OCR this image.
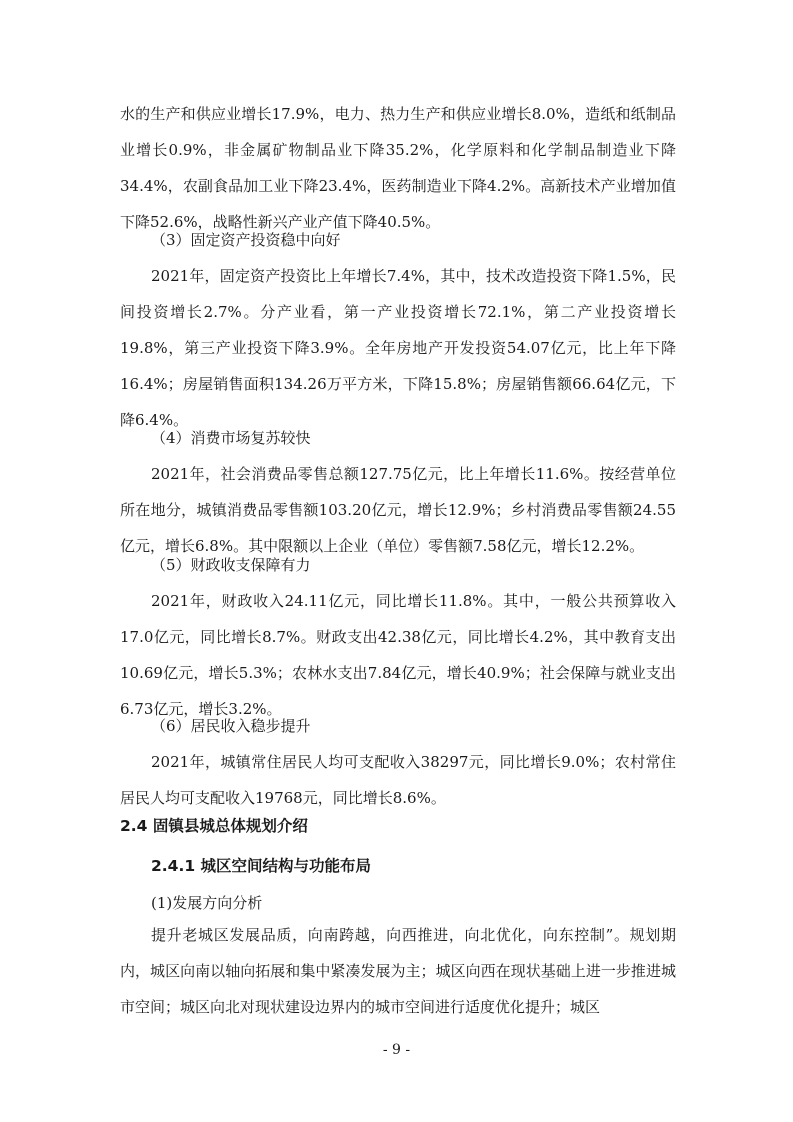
水的生产和供应业增长17.9%，电力、热力生产和供应业增长8.0%，造纸和纸制品业增长0.9%，非金属矿物制品业下降35.2%，化学原料和化学制品制造业下降34.4%，农副食品加工业下降23.4%，医药制造业下降4.2%。高新技术产业增加值下降52.6%，战略性新兴产业产值下降40.5%。

（3）固定资产投资稳中向好

2021年，固定资产投资比上年增长7.4%，其中，技术改造投资下降1.5%，民间投资增长2.7%。分产业看，第一产业投资增长72.1%，第二产业投资增长19.8%，第三产业投资下降3.9%。全年房地产开发投资54.07亿元，比上年下降16.4%；房屋销售面积134.26万平方米，下降15.8%；房屋销售额66.64亿元，下降6.4%。

（4）消费市场复苏较快

2021年，社会消费品零售总额127.75亿元，比上年增长11.6%。按经营单位所在地分，城镇消费品零售额103.20亿元，增长12.9%；乡村消费品零售额24.55亿元，增长6.8%。其中限额以上企业（单位）零售额7.58亿元，增长12.2%。

（5）财政收支保障有力

2021年，财政收入24.11亿元，同比增长11.8%。其中，一般公共预算收入17.0亿元，同比增长8.7%。财政支出42.38亿元，同比增长4.2%，其中教育支出10.69亿元，增长5.3%；农林水支出7.84亿元，增长40.9%；社会保障与就业支出6.73亿元，增长3.2%。

（6）居民收入稳步提升

2021年，城镇常住居民人均可支配收入38297元，同比增长9.0%；农村常住居民人均可支配收入19768元，同比增长8.6%。

2.4 固镇县城总体规划介绍

2.4.1 城区空间结构与功能布局

(1)发展方向分析

提升老城区发展品质，向南跨越，向西推进，向北优化，向东控制”。规划期内，城区向南以轴向拓展和集中紧凑发展为主；城区向西在现状基础上进一步推进城市空间；城区向北对现状建设边界内的城市空间进行适度优化提升；城区

- 9 -
